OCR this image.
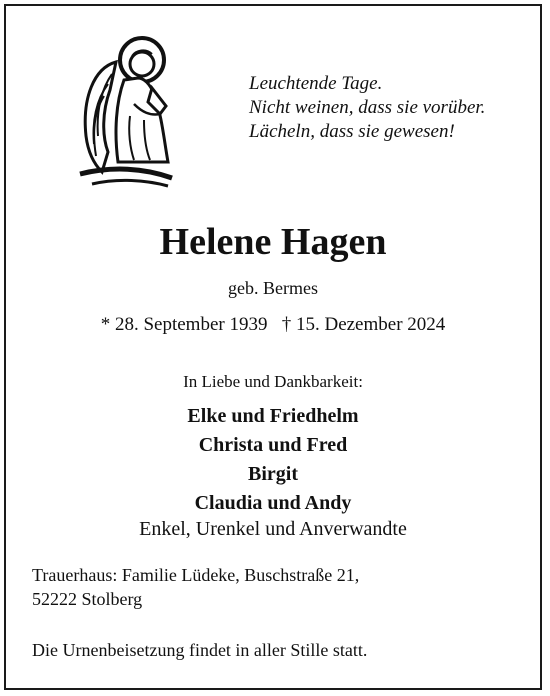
Leuchtende Tage.
Nicht weinen, dass sie vorüber.
Lächeln, dass sie gewesen!
Helene Hagen
geb. Bermes
* 28. September 1939   † 15. Dezember 2024
In Liebe und Dankbarkeit:
Elke und Friedhelm
Christa und Fred
Birgit
Claudia und Andy
Enkel, Urenkel und Anverwandte
Trauerhaus: Familie Lüdeke, Buschstraße 21,
52222 Stolberg
Die Urnenbeisetzung findet in aller Stille statt.
